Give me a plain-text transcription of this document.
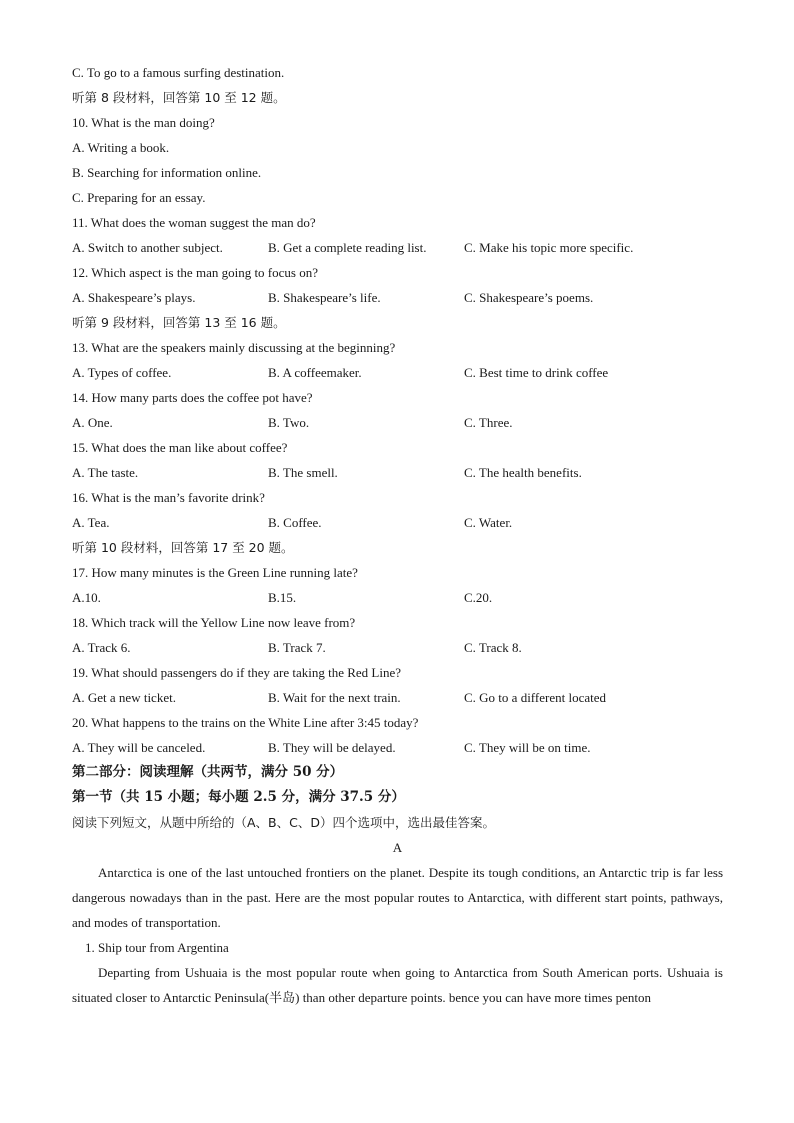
C. To go to a famous surfing destination.
听第 8 段材料，回答第 10 至 12 题。
10. What is the man doing?
A. Writing a book.
B. Searching for information online.
C. Preparing for an essay.
11. What does the woman suggest the man do?
A. Switch to another subject.	B. Get a complete reading list.	C. Make his topic more specific.
12. Which aspect is the man going to focus on?
A. Shakespeare’s plays.	B. Shakespeare’s life.	C. Shakespeare’s poems.
听第 9 段材料，回答第 13 至 16 题。
13. What are the speakers mainly discussing at the beginning?
A. Types of coffee.	B. A coffeemaker.	C. Best time to drink coffee
14. How many parts does the coffee pot have?
A. One.	B. Two.	C. Three.
15. What does the man like about coffee?
A. The taste.	B. The smell.	C. The health benefits.
16. What is the man’s favorite drink?
A. Tea.	B. Coffee.	C. Water.
听第 10 段材料，回答第 17 至 20 题。
17. How many minutes is the Green Line running late?
A.10.	B.15.	C.20.
18. Which track will the Yellow Line now leave from?
A. Track 6.	B. Track 7.	C. Track 8.
19. What should passengers do if they are taking the Red Line?
A. Get a new ticket.	B. Wait for the next train.	C. Go to a different located
20. What happens to the trains on the White Line after 3:45 today?
A. They will be canceled.	B. They will be delayed.	C. They will be on time.
第二部分：阅读理解（共两节，满分 50 分）
第一节（共 15 小题；每小题 2.5 分，满分 37.5 分）
阅读下列短文，从题中所给的（A、B、C、D）四个选项中，选出最佳答案。
A

Antarctica is one of the last untouched frontiers on the planet. Despite its tough conditions, an Antarctic trip is far less dangerous nowadays than in the past. Here are the most popular routes to Antarctica, with different start points, pathways, and modes of transportation.

1. Ship tour from Argentina

Departing from Ushuaia is the most popular route when going to Antarctica from South American ports. Ushuaia is situated closer to Antarctic Peninsula(半岛) than other departure points. bence you can have more times penton
